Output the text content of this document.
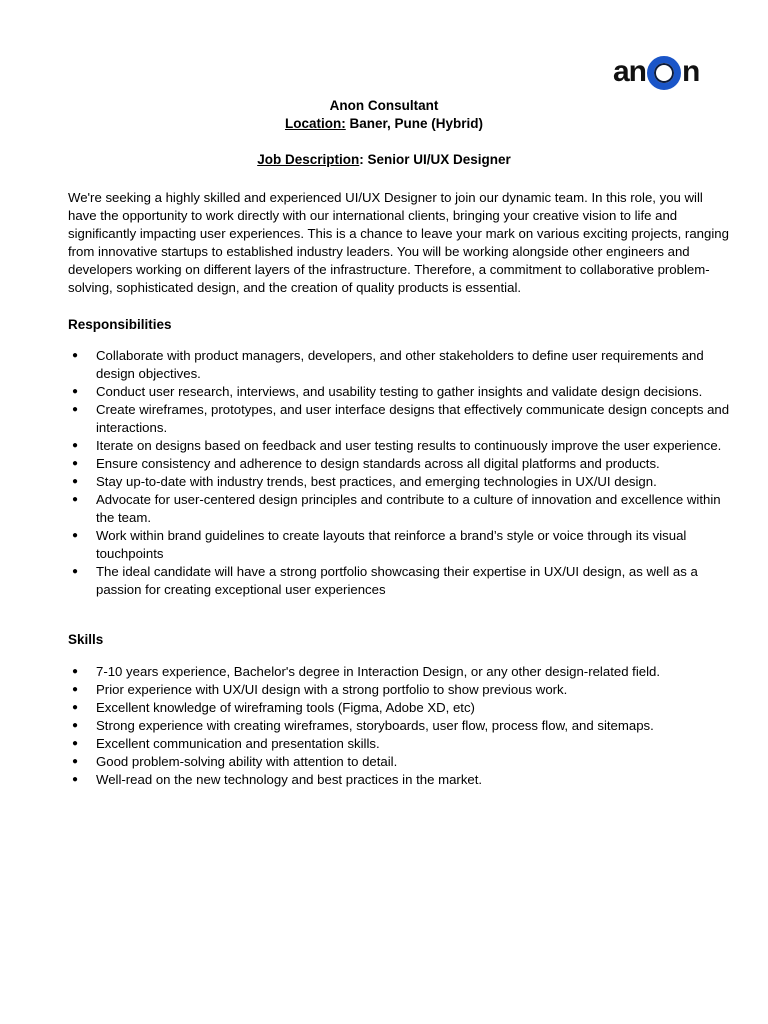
an n
Anon Consultant
Location: Baner, Pune (Hybrid)
Job Description: Senior UI/UX Designer
We're seeking a highly skilled and experienced UI/UX Designer to join our dynamic team. In this role, you will have the opportunity to work directly with our international clients, bringing your creative vision to life and significantly impacting user experiences. This is a chance to leave your mark on various exciting projects, ranging from innovative startups to established industry leaders. You will be working alongside other engineers and developers working on different layers of the infrastructure. Therefore, a commitment to collaborative problem-solving, sophisticated design, and the creation of quality products is essential.
Responsibilities
● Collaborate with product managers, developers, and other stakeholders to define user requirements and design objectives.
● Conduct user research, interviews, and usability testing to gather insights and validate design decisions.
● Create wireframes, prototypes, and user interface designs that effectively communicate design concepts and interactions.
● Iterate on designs based on feedback and user testing results to continuously improve the user experience.
● Ensure consistency and adherence to design standards across all digital platforms and products.
● Stay up-to-date with industry trends, best practices, and emerging technologies in UX/UI design.
● Advocate for user-centered design principles and contribute to a culture of innovation and excellence within the team.
● Work within brand guidelines to create layouts that reinforce a brand’s style or voice through its visual touchpoints
● The ideal candidate will have a strong portfolio showcasing their expertise in UX/UI design, as well as a passion for creating exceptional user experiences
Skills
● 7-10 years experience, Bachelor's degree in Interaction Design, or any other design-related field.
● Prior experience with UX/UI design with a strong portfolio to show previous work.
● Excellent knowledge of wireframing tools (Figma, Adobe XD, etc)
● Strong experience with creating wireframes, storyboards, user flow, process flow, and sitemaps.
● Excellent communication and presentation skills.
● Good problem-solving ability with attention to detail.
● Well-read on the new technology and best practices in the market.
